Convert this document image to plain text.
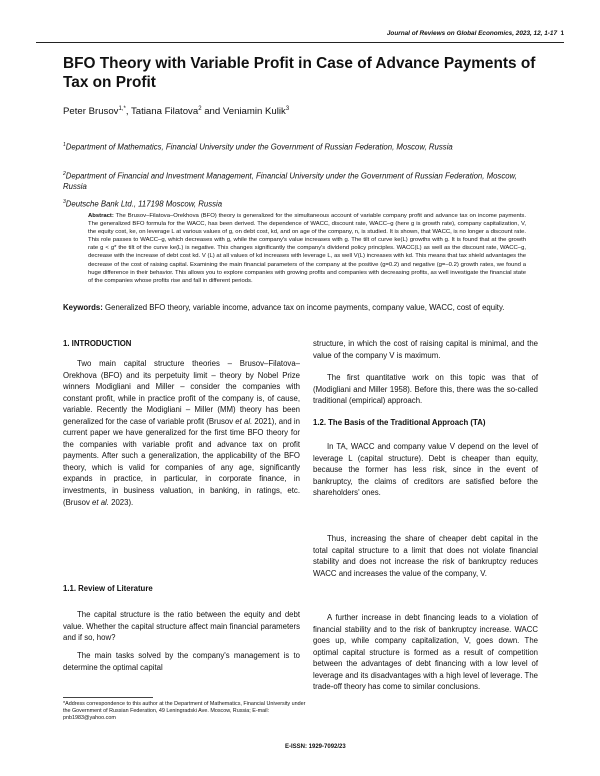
Journal of Reviews on Global Economics, 2023, 12, 1-17 1
BFO Theory with Variable Profit in Case of Advance Payments of Tax on Profit
Peter Brusov$^{1,*}$, Tatiana Filatova$^2$ and Veniamin Kulik$^3$
$^1$Department of Mathematics, Financial University under the Government of Russian Federation, Moscow, Russia
$^2$Department of Financial and Investment Management, Financial University under the Government of Russian Federation, Moscow, Russia
$^3$Deutsche Bank Ltd., 117198 Moscow, Russia
Abstract: The Brusov–Filatova–Orekhova (BFO) theory is generalized for the simultaneous account of variable company profit and advance tax on income payments. The generalized BFO formula for the WACC, has been derived. The dependence of WACC, discount rate, WACC–g (here g is growth rate), company capitalization, V, the equity cost, ke, on leverage L at various values of g, on debt cost, kd, and on age of the company, n, is studied. It is shown, that WACC, is no longer a discount rate. This role passes to WACC–g, which decreases with g, while the company's value increases with g. The tilt of curve ke(L) growths with g. It is found that at the growth rate g < g* the tilt of the curve ke(L) is negative. This changes significantly the company's dividend policy principles. WACC(L) as well as the discount rate, WACC–g, decrease with the increase of debt cost kd. V (L) at all values of kd increases with leverage L, as well V(L) increases with kd. This means that tax shield advantages the decrease of the cost of raising capital. Examining the main financial parameters of the company at the positive (g=0.2) and negative (g=–0.2) growth rates, we found a huge difference in their behavior. This allows you to explore companies with growing profits and companies with decreasing profits, as well investigate the financial state of the companies whose profits rise and fall in different periods.
Keywords: Generalized BFO theory, variable income, advance tax on income payments, company value, WACC, cost of equity.
1. INTRODUCTION

Two main capital structure theories – Brusov–Filatova–Orekhova (BFO) and its perpetuity limit – theory by Nobel Prize winners Modigliani and Miller – consider the companies with constant profit, while in practice profit of the company is, of cause, variable. Recently the Modigliani – Miller (MM) theory has been generalized for the case of variable profit (Brusov et al. 2021), and in current paper we have generalized for the first time BFO theory for the companies with variable profit and advance tax on profit payments. After such a generalization, the applicability of the BFO theory, which is valid for companies of any age, significantly expands in practice, in particular, in corporate finance, in investments, in business valuation, in banking, in ratings, etc. (Brusov et al. 2023).

1.1. Review of Literature

The capital structure is the ratio between the equity and debt value. Whether the capital structure affect main financial parameters and if so, how?

The main tasks solved by the company's management is to determine the optimal capital

structure, in which the cost of raising capital is minimal, and the value of the company V is maximum.

The first quantitative work on this topic was that of (Modigliani and Miller 1958). Before this, there was the so-called traditional (empirical) approach.

1.2. The Basis of the Traditional Approach (TA)

In TA, WACC and company value V depend on the level of leverage L (capital structure). Debt is cheaper than equity, because the former has less risk, since in the event of bankruptcy, the claims of creditors are satisfied before the shareholders' ones.

Thus, increasing the share of cheaper debt capital in the total capital structure to a limit that does not violate financial stability and does not increase the risk of bankruptcy reduces WACC and increases the value of the company, V.

A further increase in debt financing leads to a violation of financial stability and to the risk of bankruptcy increase. WACC goes up, while company capitalization, V, goes down. The optimal capital structure is formed as a result of competition between the advantages of debt financing with a low level of leverage and its disadvantages with a high level of leverage. The trade-off theory has come to similar conclusions.

*Address correspondence to this author at the Department of Mathematics, Financial University under the Government of Russian Federation, 49 Leningradski Ave. Moscow, Russia; E-mail: pnb1983@yahoo.com
E-ISSN: 1929-7092/23
